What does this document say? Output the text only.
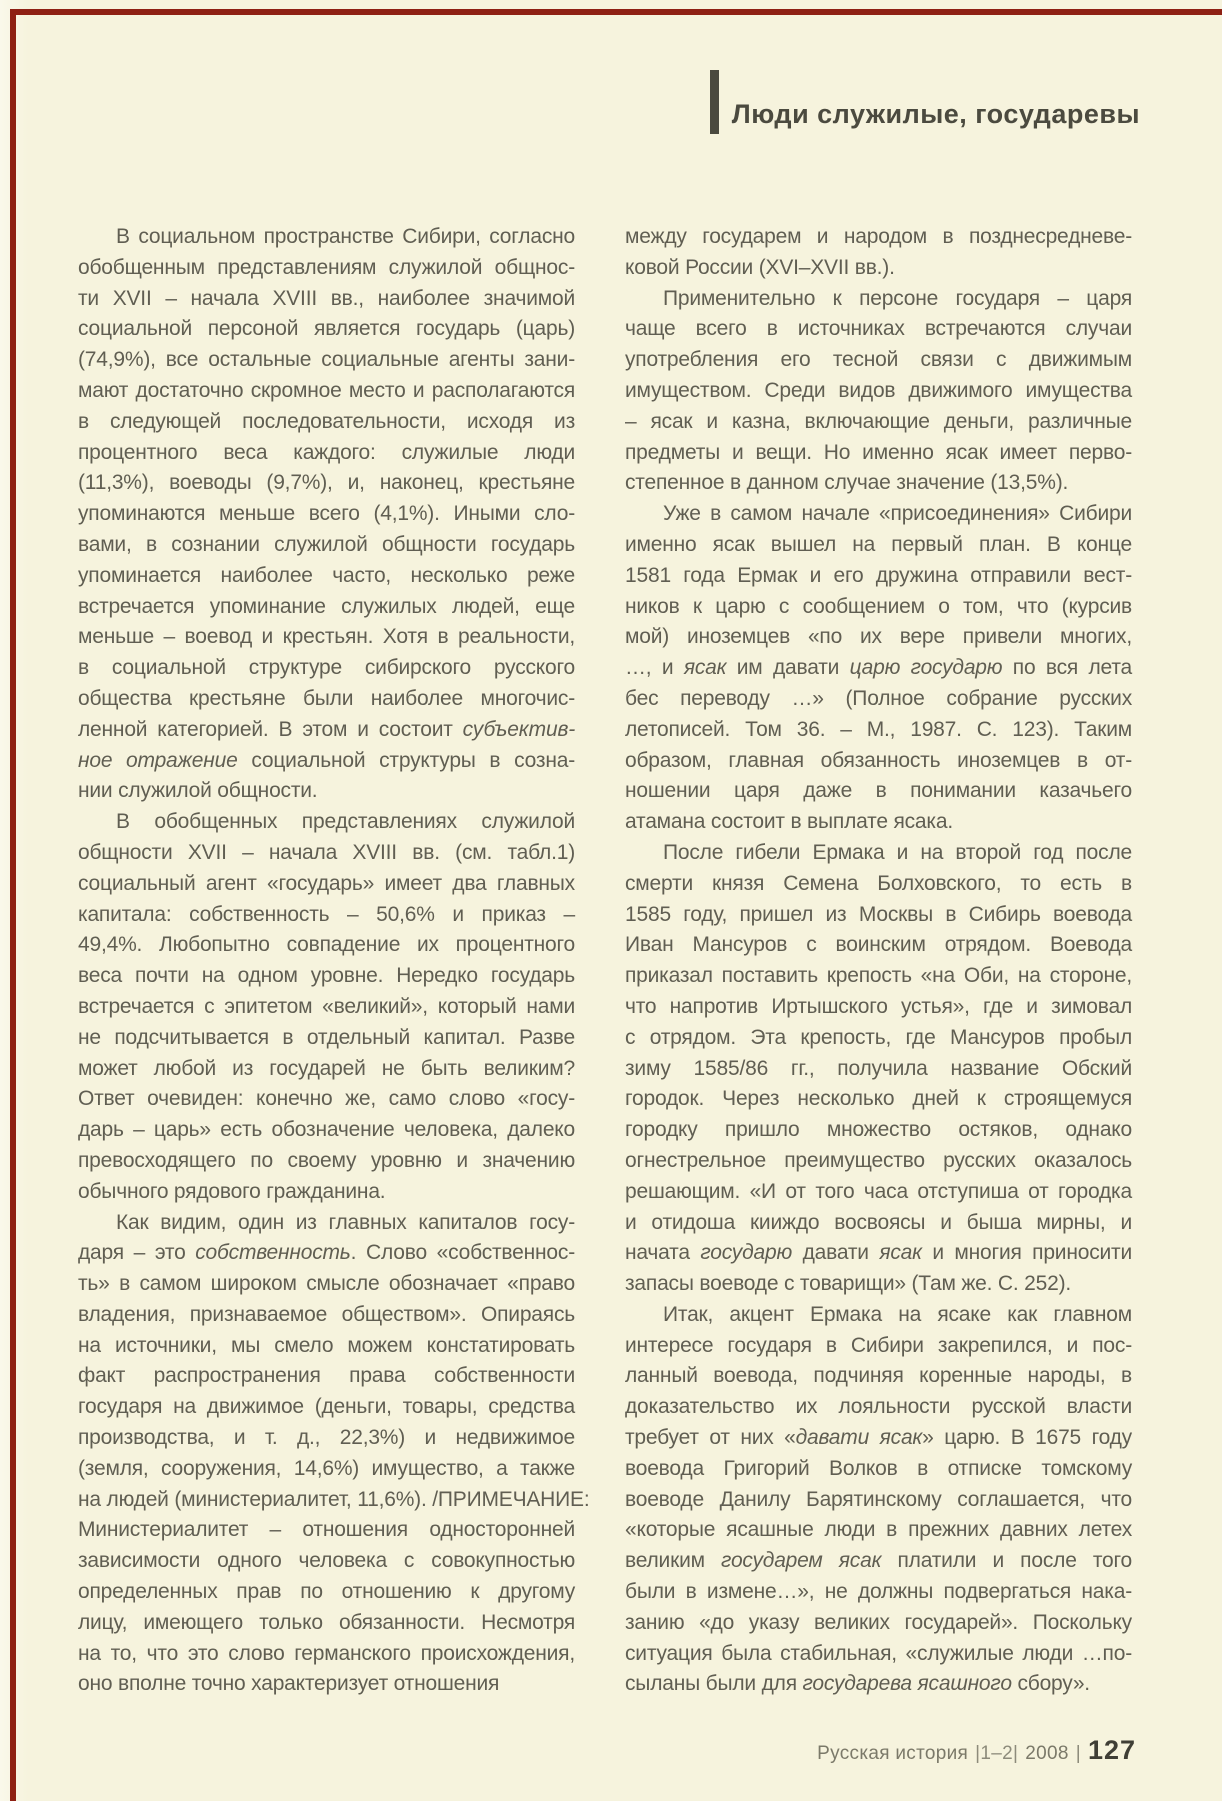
Люди служилые, государевы
В социальном пространстве Сибири, согласно
обобщенным представлениям служилой общнос-
ти XVII – начала XVIII вв., наиболее значимой
социальной персоной является государь (царь)
(74,9%), все остальные социальные агенты зани-
мают достаточно скромное место и располагаются
в следующей последовательности, исходя из
процентного веса каждого: служилые люди
(11,3%), воеводы (9,7%), и, наконец, крестьяне
упоминаются меньше всего (4,1%). Иными сло-
вами, в сознании служилой общности государь
упоминается наиболее часто, несколько реже
встречается упоминание служилых людей, еще
меньше – воевод и крестьян. Хотя в реальности,
в социальной структуре сибирского русского
общества крестьяне были наиболее многочис-
ленной категорией. В этом и состоит субъектив-
ное отражение социальной структуры в созна-
нии служилой общности.
В обобщенных представлениях служилой
общности XVII – начала XVIII вв. (см. табл.1)
социальный агент «государь» имеет два главных
капитала: собственность – 50,6% и приказ –
49,4%. Любопытно совпадение их процентного
веса почти на одном уровне. Нередко государь
встречается с эпитетом «великий», который нами
не подсчитывается в отдельный капитал. Разве
может любой из государей не быть великим?
Ответ очевиден: конечно же, само слово «госу-
дарь – царь» есть обозначение человека, далеко
превосходящего по своему уровню и значению
обычного рядового гражданина.
Как видим, один из главных капиталов госу-
даря – это собственность. Слово «собственнос-
ть» в самом широком смысле обозначает «право
владения, признаваемое обществом». Опираясь
на источники, мы смело можем констатировать
факт распространения права собственности
государя на движимое (деньги, товары, средства
производства, и т. д., 22,3%) и недвижимое
(земля, сооружения, 14,6%) имущество, а также
на людей (министериалитет, 11,6%). /ПРИМЕЧАНИЕ:
Министериалитет – отношения односторонней
зависимости одного человека с совокупностью
определенных прав по отношению к другому
лицу, имеющего только обязанности. Несмотря
на то, что это слово германского происхождения,
оно вполне точно характеризует отношения
между государем и народом в позднесредневе-
ковой России (XVI–XVII вв.).
Применительно к персоне государя – царя
чаще всего в источниках встречаются случаи
употребления его тесной связи с движимым
имуществом. Среди видов движимого имущества
– ясак и казна, включающие деньги, различные
предметы и вещи. Но именно ясак имеет перво-
степенное в данном случае значение (13,5%).
Уже в самом начале «присоединения» Сибири
именно ясак вышел на первый план. В конце
1581 года Ермак и его дружина отправили вест-
ников к царю с сообщением о том, что (курсив
мой) иноземцев «по их вере привели многих,
…, и ясак им давати царю государю по вся лета
бес переводу …» (Полное собрание русских
летописей. Том 36. – М., 1987. С. 123). Таким
образом, главная обязанность иноземцев в от-
ношении царя даже в понимании казачьего
атамана состоит в выплате ясака.
После гибели Ермака и на второй год после
смерти князя Семена Болховского, то есть в
1585 году, пришел из Москвы в Сибирь воевода
Иван Мансуров с воинским отрядом. Воевода
приказал поставить крепость «на Оби, на стороне,
что напротив Иртышского устья», где и зимовал
с отрядом. Эта крепость, где Мансуров пробыл
зиму 1585/86 гг., получила название Обский
городок. Через несколько дней к строящемуся
городку пришло множество остяков, однако
огнестрельное преимущество русских оказалось
решающим. «И от того часа отступиша от городка
и отидоша кииждо восвоясы и быша мирны, и
начата государю давати ясак и многия приносити
запасы воеводе с товарищи» (Там же. С. 252).
Итак, акцент Ермака на ясаке как главном
интересе государя в Сибири закрепился, и пос-
ланный воевода, подчиняя коренные народы, в
доказательство их лояльности русской власти
требует от них «давати ясак» царю. В 1675 году
воевода Григорий Волков в отписке томскому
воеводе Данилу Барятинскому соглашается, что
«которые ясашные люди в прежних давних летех
великим государем ясак платили и после того
были в измене…», не должны подвергаться нака-
занию «до указу великих государей». Поскольку
ситуация была стабильная, «служилые люди …по-
сыланы были для государева ясашного сбору».
Русская история |1–2| 2008 | 127
